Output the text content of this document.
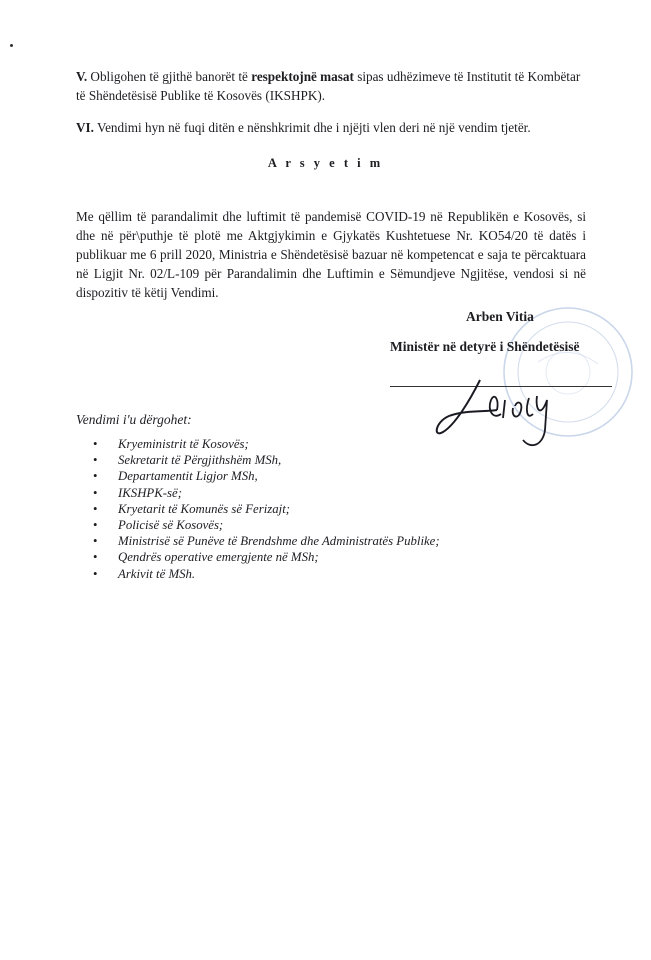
V. Obligohen të gjithë banorët të respektojnë masat sipas udhëzimeve të Institutit të Kombëtar të Shëndetësisë Publike të Kosovës (IKSHPK).

VI. Vendimi hyn në fuqi ditën e nënshkrimit dhe i njëjti vlen deri në një vendim tjetër.

A r s y e t i m

Me qëllim të parandalimit dhe luftimit të pandemisë COVID-19 në Republikën e Kosovës, si dhe në për\puthje të plotë me Aktgjykimin e Gjykatës Kushtetuese Nr. KO54/20 të datës i publikuar me 6 prill 2020, Ministria e Shëndetësisë bazuar në kompetencat e saja te përcaktuara në Ligjit Nr. 02/L-109 për Parandalimin dhe Luftimin e Sëmundjeve Ngjitëse, vendosi si në dispozitiv të këtij Vendimi.

Arben Vitia
Ministër në detyrë i Shëndetësisë
Vendimi i'u dërgohet:
• Kryeministrit të Kosovës;
• Sekretarit të Përgjithshëm MSh,
• Departamentit Ligjor MSh,
• IKSHPK-së;
• Kryetarit të Komunës së Ferizajt;
• Policisë së Kosovës;
• Ministrisë së Punëve të Brendshme dhe Administratës Publike;
• Qendrës operative emergjente në MSh;
• Arkivit të MSh.
